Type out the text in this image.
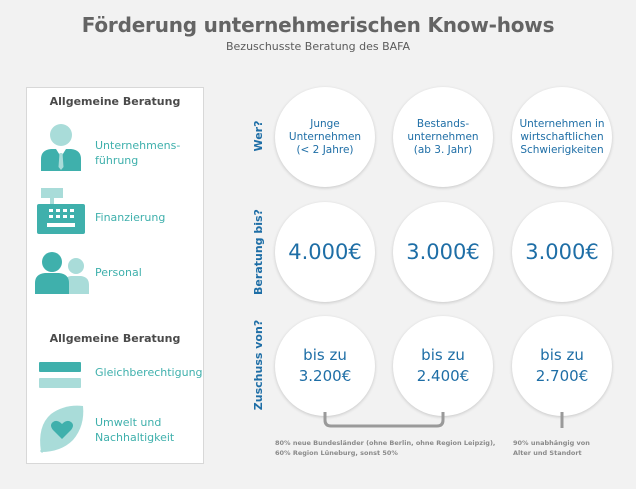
Förderung unternehmerischen Know-hows
Bezuschusste Beratung des BAFA
Allgemeine Beratung
Unternehmens-
führung
Finanzierung
Personal
Allgemeine Beratung
Gleichberechtigung
Umwelt und
Nachhaltigkeit
Wer?
Beratung bis?
Zuschuss von?
Junge
Unternehmen
(< 2 Jahre)
Bestands-
unternehmen
(ab 3. Jahr)
Unternehmen in
wirtschaftlichen
Schwierigkeiten
4.000€ 3.000€ 3.000€
bis zu
3.200€
bis zu
2.400€
bis zu
2.700€
80% neue Bundesländer (ohne Berlin, ohne Region Leipzig),
60% Region Lüneburg, sonst 50%
90% unabhängig von
Alter und Standort
